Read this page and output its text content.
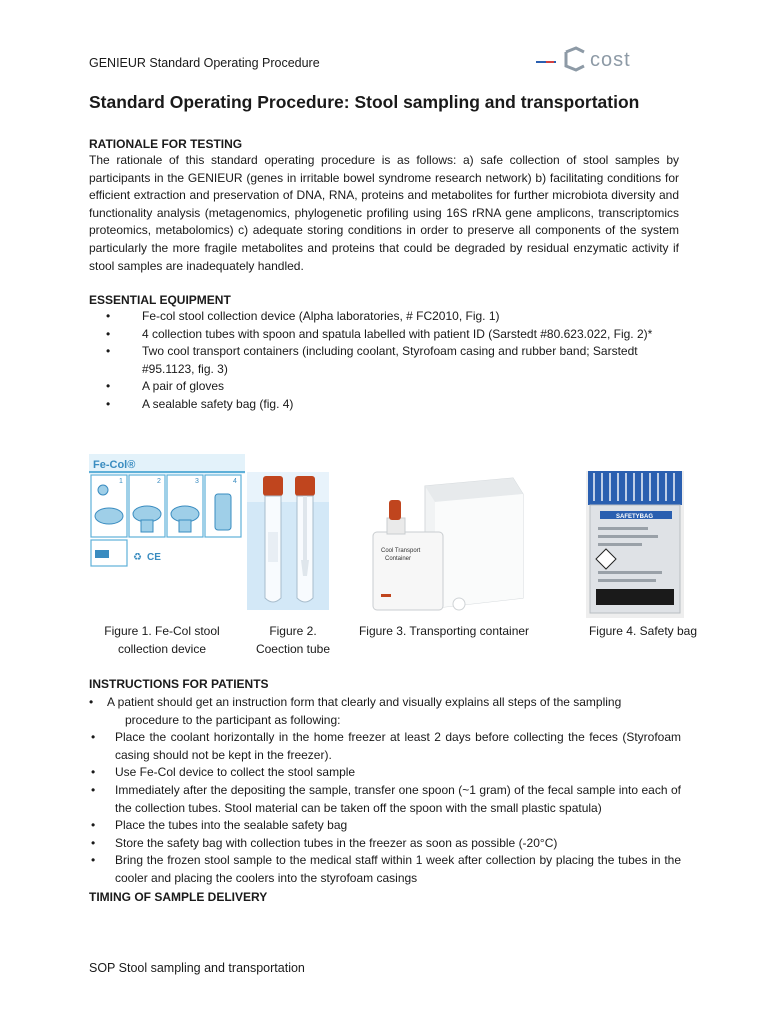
GENIEUR Standard Operating Procedure	cost
Standard Operating Procedure: Stool sampling and transportation
RATIONALE FOR TESTING

The rationale of this standard operating procedure is as follows: a) safe collection of stool samples by participants in the GENIEUR (genes in irritable bowel syndrome research network) b) facilitating conditions for efficient extraction and preservation of DNA, RNA, proteins and metabolites for further microbiota diversity and functionality analysis (metagenomics, phylogenetic profiling using 16S rRNA gene amplicons, transcriptomics proteomics, metabolomics) c) adequate storing conditions in order to preserve all components of the system particularly the more fragile metabolites and proteins that could be degraded by residual enzymatic activity if stool samples are inadequately handled.

ESSENTIAL EQUIPMENT
•	Fe-col stool collection device (Alpha laboratories, # FC2010, Fig. 1)
•	4 collection tubes with spoon and spatula labelled with patient ID (Sarstedt #80.623.022, Fig. 2)*
•	Two cool transport containers (including coolant, Styrofoam casing and rubber band; Sarstedt #95.1123, fig. 3)
•	A pair of gloves
•	A sealable safety bag (fig. 4)
Fe-Col®
1	2	3	4
♻ CE
Figure 1. Fe-Col stool
collection device
Figure 2.
Coection tube
Cool Transport
Container
Figure 3. Transporting container
SAFETYBAG
Figure 4. Safety bag
INSTRUCTIONS FOR PATIENTS
• A patient should get an instruction form that clearly and visually explains all steps of the sampling
procedure to the participant as following:
• Place the coolant horizontally in the home freezer at least 2 days before collecting the feces (Styrofoam casing should not be kept in the freezer).
• Use Fe-Col device to collect the stool sample
• Immediately after the depositing the sample, transfer one spoon (~1 gram) of the fecal sample into each of the collection tubes. Stool material can be taken off the spoon with the small plastic spatula)
• Place the tubes into the sealable safety bag
• Store the safety bag with collection tubes in the freezer as soon as possible (-20°C)
• Bring the frozen stool sample to the medical staff within 1 week after collection by placing the tubes in the cooler and placing the coolers into the styrofoam casings
TIMING OF SAMPLE DELIVERY
SOP Stool sampling and transportation
